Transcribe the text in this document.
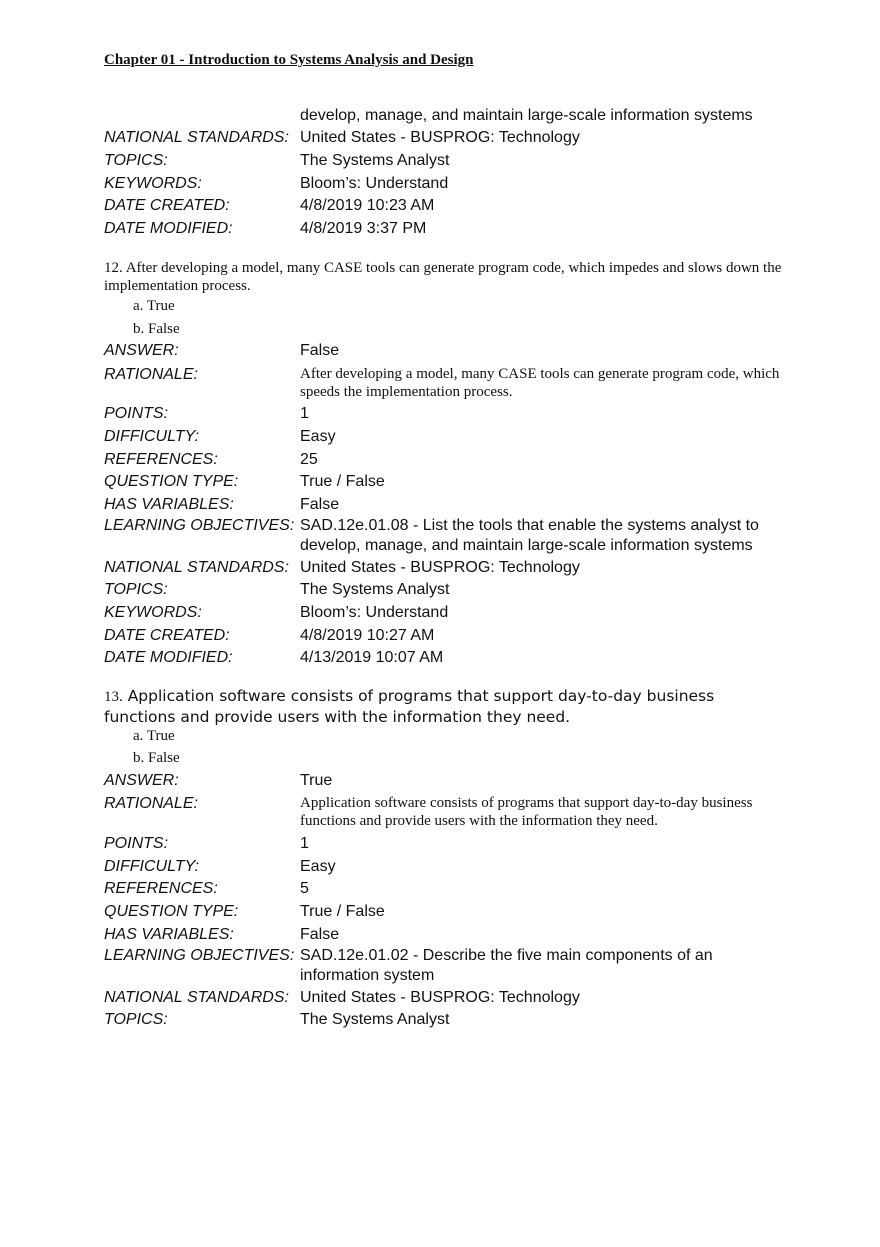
Chapter 01 - Introduction to Systems Analysis and Design
develop, manage, and maintain large-scale information systems
NATIONAL STANDARDS: United States - BUSPROG: Technology
TOPICS:	The Systems Analyst
KEYWORDS:	Bloom’s: Understand
DATE CREATED:	4/8/2019 10:23 AM
DATE MODIFIED:	4/8/2019 3:37 PM
12. After developing a model, many CASE tools can generate program code, which impedes and slows down the implementation process.
a. True
b. False
ANSWER:	False
RATIONALE:	After developing a model, many CASE tools can generate program code, which speeds the implementation process.
POINTS:	1
DIFFICULTY:	Easy
REFERENCES:	25
QUESTION TYPE:	True / False
HAS VARIABLES:	False
LEARNING OBJECTIVES: SAD.12e.01.08 - List the tools that enable the systems analyst to develop, manage, and maintain large-scale information systems
NATIONAL STANDARDS: United States - BUSPROG: Technology
TOPICS:	The Systems Analyst
KEYWORDS:	Bloom’s: Understand
DATE CREATED:	4/8/2019 10:27 AM
DATE MODIFIED:	4/13/2019 10:07 AM
13. Application software consists of programs that support day-to-day business functions and provide users with the information they need.
a. True
b. False
ANSWER:	True
RATIONALE:	Application software consists of programs that support day-to-day business functions and provide users with the information they need.
POINTS:	1
DIFFICULTY:	Easy
REFERENCES:	5
QUESTION TYPE:	True / False
HAS VARIABLES:	False
LEARNING OBJECTIVES: SAD.12e.01.02 - Describe the five main components of an information system
NATIONAL STANDARDS: United States - BUSPROG: Technology
TOPICS:	The Systems Analyst
